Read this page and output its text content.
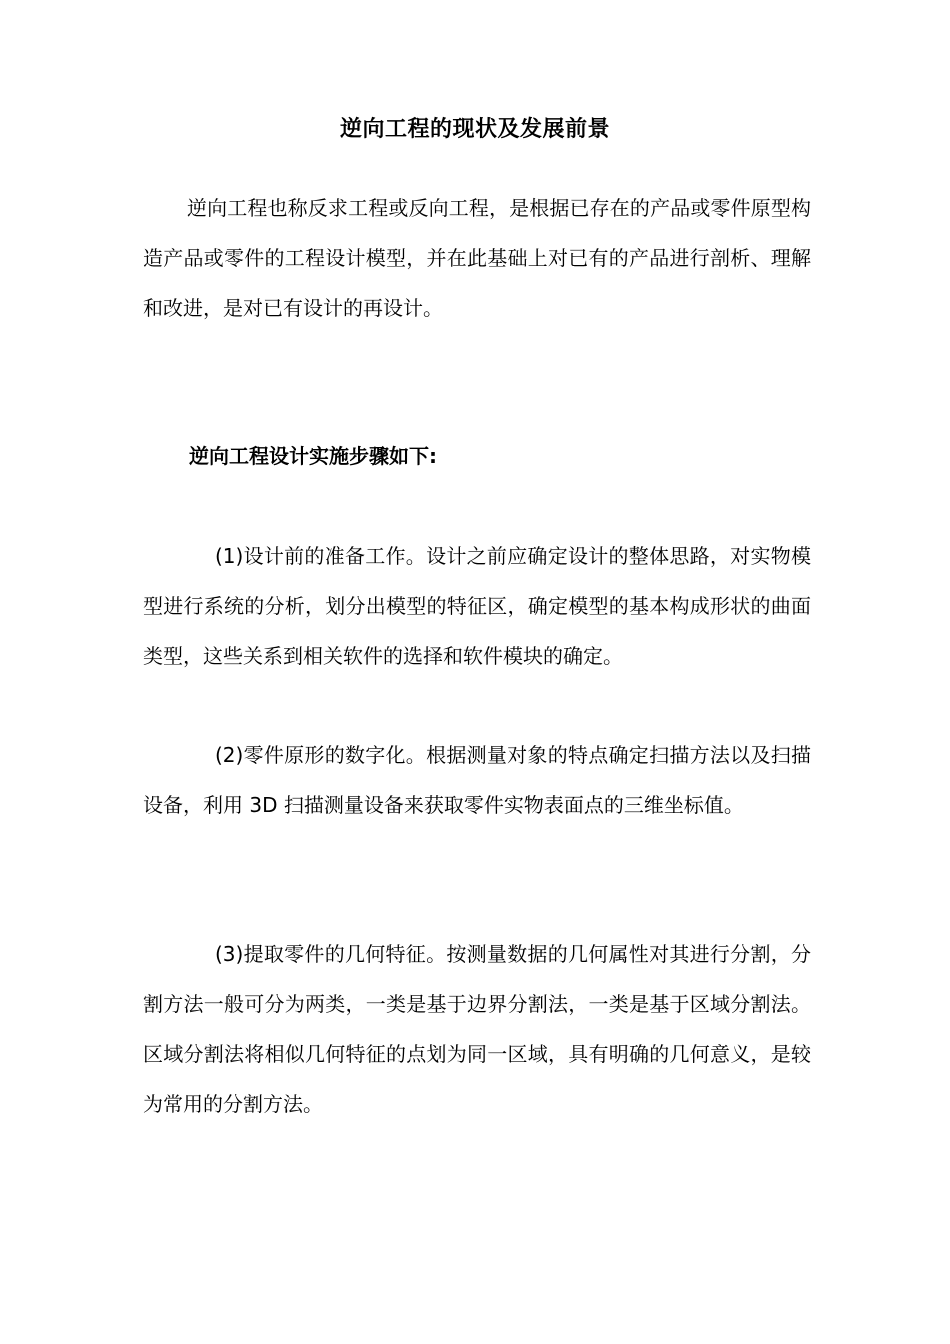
逆向工程的现状及发展前景
逆向工程也称反求工程或反向工程，是根据已存在的产品或零件原型构造产品或零件的工程设计模型，并在此基础上对已有的产品进行剖析、理解和改进，是对已有设计的再设计。
逆向工程设计实施步骤如下:
(1)设计前的准备工作。设计之前应确定设计的整体思路，对实物模型进行系统的分析，划分出模型的特征区，确定模型的基本构成形状的曲面类型，这些关系到相关软件的选择和软件模块的确定。
(2)零件原形的数字化。根据测量对象的特点确定扫描方法以及扫描设备，利用 3D 扫描测量设备来获取零件实物表面点的三维坐标值。
(3)提取零件的几何特征。按测量数据的几何属性对其进行分割，分割方法一般可分为两类，一类是基于边界分割法，一类是基于区域分割法。区域分割法将相似几何特征的点划为同一区域，具有明确的几何意义，是较为常用的分割方法。
